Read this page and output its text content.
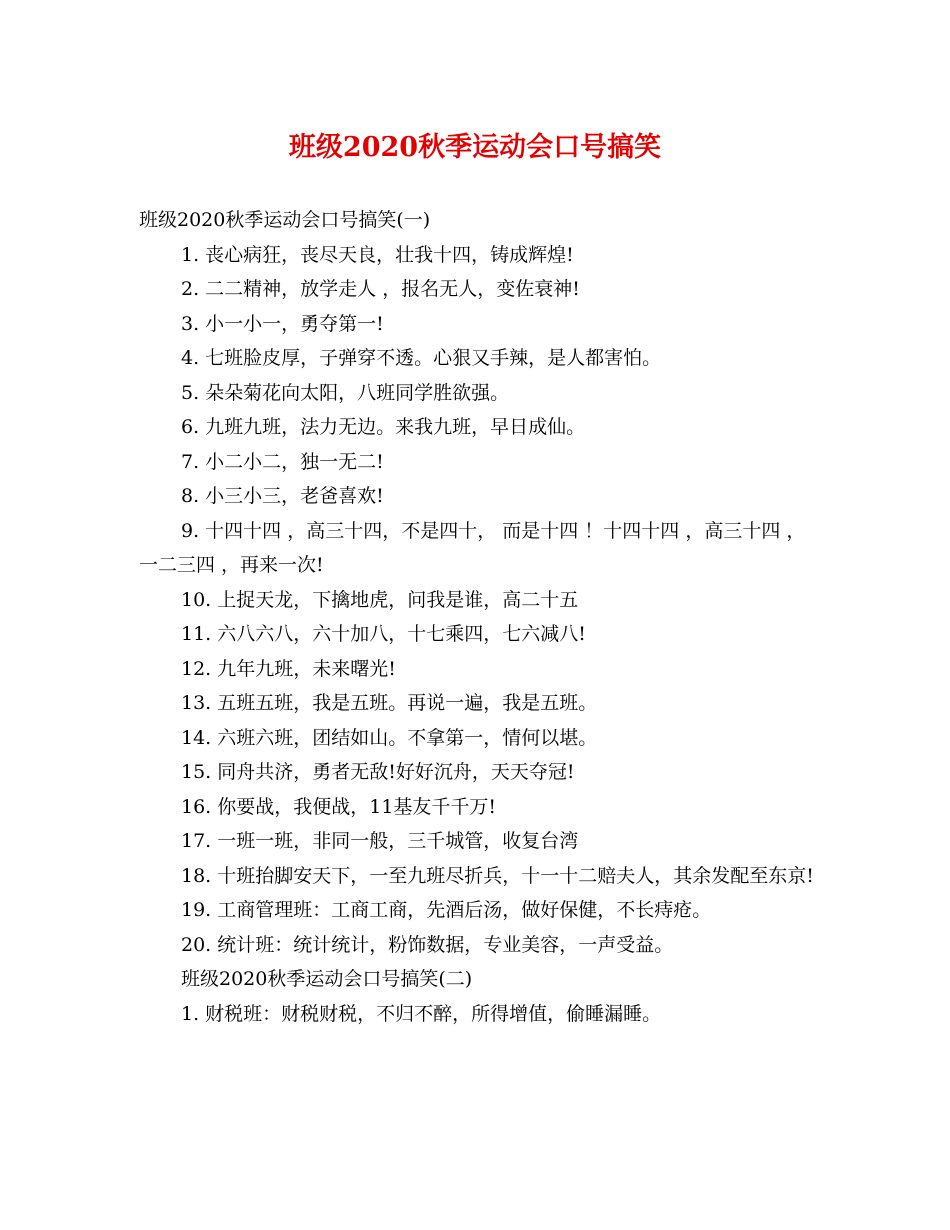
班级2020秋季运动会口号搞笑
班级2020秋季运动会口号搞笑(一)
1. 丧心病狂，丧尽天良，壮我十四，铸成辉煌!
2. 二二精神，放学走人 ，报名无人，变佐衰神!
3. 小一小一，勇夺第一!
4. 七班脸皮厚，子弹穿不透。心狠又手辣，是人都害怕。
5. 朵朵菊花向太阳，八班同学胜欲强。
6. 九班九班，法力无边。来我九班，早日成仙。
7. 小二小二，独一无二!
8. 小三小三，老爸喜欢!
9. 十四十四 ，高三十四，不是四十， 而是十四 ！十四十四 ，高三十四 ，一二三四 ，再来一次!
10. 上捉天龙，下擒地虎，问我是谁，高二十五
11. 六八六八，六十加八，十七乘四，七六减八!
12. 九年九班，未来曙光!
13. 五班五班，我是五班。再说一遍，我是五班。
14. 六班六班，团结如山。不拿第一，情何以堪。
15. 同舟共济，勇者无敌!好好沉舟，天天夺冠!
16. 你要战，我便战，11基友千千万!
17. 一班一班，非同一般，三千城管，收复台湾
18. 十班抬脚安天下，一至九班尽折兵，十一十二赔夫人，其余发配至东京!
19. 工商管理班：工商工商，先酒后汤，做好保健，不长痔疮。
20. 统计班：统计统计，粉饰数据，专业美容，一声受益。
班级2020秋季运动会口号搞笑(二)
1. 财税班：财税财税，不归不醉，所得增值，偷睡漏睡。
